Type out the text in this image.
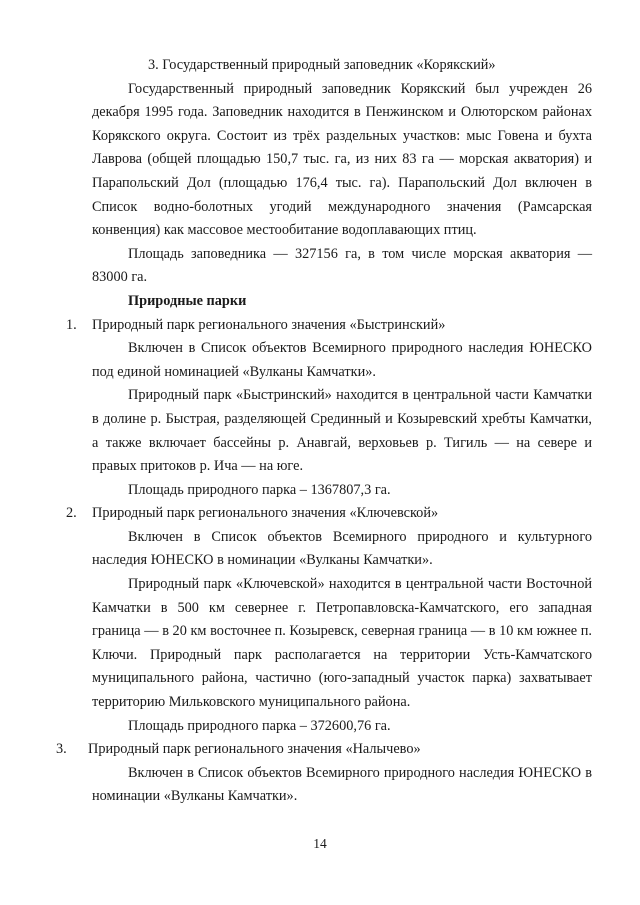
3. Государственный природный заповедник «Корякский»

Государственный природный заповедник Корякский был учрежден 26 декабря 1995 года. Заповедник находится в Пенжинском и Олюторском районах Корякского округа. Состоит из трёх раздельных участков: мыс Говена и бухта Лаврова (общей площадью 150,7 тыс. га, из них 83 га — морская акватория) и Парапольский Дол (площадью 176,4 тыс. га). Парапольский Дол включен в Список водно-болотных угодий международного значения (Рамсарская конвенция) как массовое местообитание водоплавающих птиц.

Площадь заповедника — 327156 га, в том числе морская акватория — 83000 га.

Природные парки

1. Природный парк регионального значения «Быстринский»

Включен в Список объектов Всемирного природного наследия ЮНЕСКО под единой номинацией «Вулканы Камчатки».

Природный парк «Быстринский» находится в центральной части Камчатки в долине р. Быстрая, разделяющей Срединный и Козыревский хребты Камчатки, а также включает бассейны р. Анавгай, верховьев р. Тигиль — на севере и правых притоков р. Ича — на юге.

Площадь природного парка – 1367807,3 га.

2. Природный парк регионального значения «Ключевской»

Включен в Список объектов Всемирного природного и культурного наследия ЮНЕСКО в номинации «Вулканы Камчатки».

Природный парк «Ключевской» находится в центральной части Восточной Камчатки в 500 км севернее г. Петропавловска-Камчатского, его западная граница — в 20 км восточнее п. Козыревск, северная граница — в 10 км южнее п. Ключи. Природный парк располагается на территории Усть-Камчатского муниципального района, частично (юго-западный участок парка) захватывает территорию Мильковского муниципального района.

Площадь природного парка – 372600,76 га.

3. Природный парк регионального значения «Налычево»

Включен в Список объектов Всемирного природного наследия ЮНЕСКО в номинации «Вулканы Камчатки».

14
